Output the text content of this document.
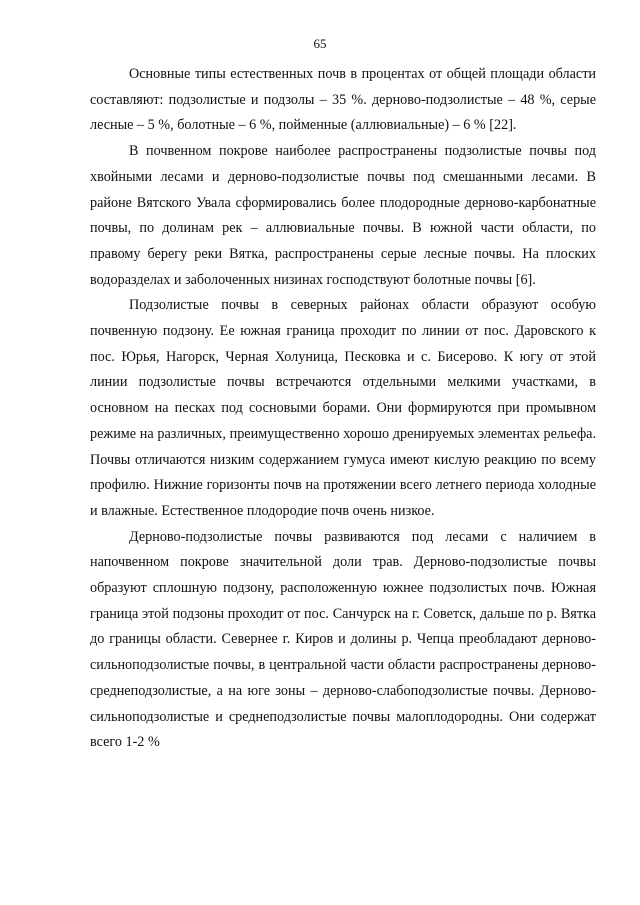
65

Основные типы естественных почв в процентах от общей площади области составляют: подзолистые и подзолы – 35 %. дерново-подзолистые – 48 %, серые лесные – 5 %, болотные – 6 %, пойменные (аллювиальные) – 6 % [22].

В почвенном покрове наиболее распространены подзолистые почвы под хвойными лесами и дерново-подзолистые почвы под смешанными лесами. В районе Вятского Увала сформировались более плодородные дерново-карбонатные почвы, по долинам рек – аллювиальные почвы. В южной части области, по правому берегу реки Вятка, распространены серые лесные почвы. На плоских водоразделах и заболоченных низинах господствуют болотные почвы [6].

Подзолистые почвы в северных районах области образуют особую почвенную подзону. Ее южная граница проходит по линии от пос. Даровского к пос. Юрья, Нагорск, Черная Холуница, Песковка и с. Бисерово. К югу от этой линии подзолистые почвы встречаются отдельными мелкими участками, в основном на песках под сосновыми борами. Они формируются при промывном режиме на различных, преимущественно хорошо дренируемых элементах рельефа. Почвы отличаются низким содержанием гумуса имеют кислую реакцию по всему профилю. Нижние горизонты почв на протяжении всего летнего периода холодные и влажные. Естественное плодородие почв очень низкое.

Дерново-подзолистые почвы развиваются под лесами с наличием в напочвенном покрове значительной доли трав. Дерново-подзолистые почвы образуют сплошную подзону, расположенную южнее подзолистых почв. Южная граница этой подзоны проходит от пос. Санчурск на г. Советск, дальше по р. Вятка до границы области. Севернее г. Киров и долины р. Чепца преобладают дерново-сильноподзолистые почвы, в центральной части области распространены дерново-среднеподзолистые, а на юге зоны – дерново-слабоподзолистые почвы. Дерново-сильноподзолистые и среднеподзолистые почвы малоплодородны. Они содержат всего 1-2 %
